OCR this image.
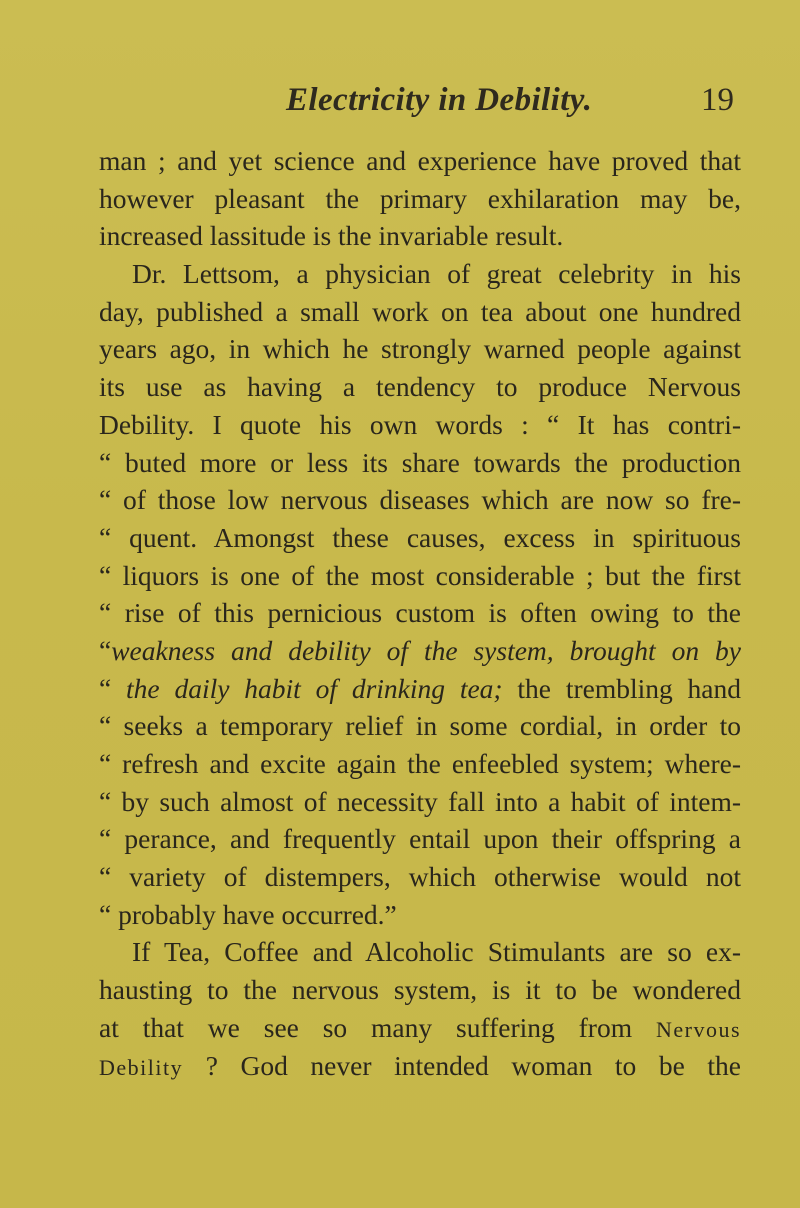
Electricity in Debility.	19
man ; and yet science and experience have proved that
however pleasant the primary exhilaration may be,
increased lassitude is the invariable result.
Dr. Lettsom, a physician of great celebrity in his
day, published a small work on tea about one hundred
years ago, in which he strongly warned people against
its use as having a tendency to produce Nervous
Debility. I quote his own words : “ It has contri-
“ buted more or less its share towards the production
“ of those low nervous diseases which are now so fre-
“ quent. Amongst these causes, excess in spirituous
“ liquors is one of the most considerable ; but the first
“ rise of this pernicious custom is often owing to the
“weakness and debility of the system, brought on by
“ the daily habit of drinking tea; the trembling hand
“ seeks a temporary relief in some cordial, in order to
“ refresh and excite again the enfeebled system; where-
“ by such almost of necessity fall into a habit of intem-
“ perance, and frequently entail upon their offspring a
“ variety of distempers, which otherwise would not
“ probably have occurred.”
If Tea, Coffee and Alcoholic Stimulants are so ex-
hausting to the nervous system, is it to be wondered
at that we see so many suffering from Nervous
Debility ? God never intended woman to be the
